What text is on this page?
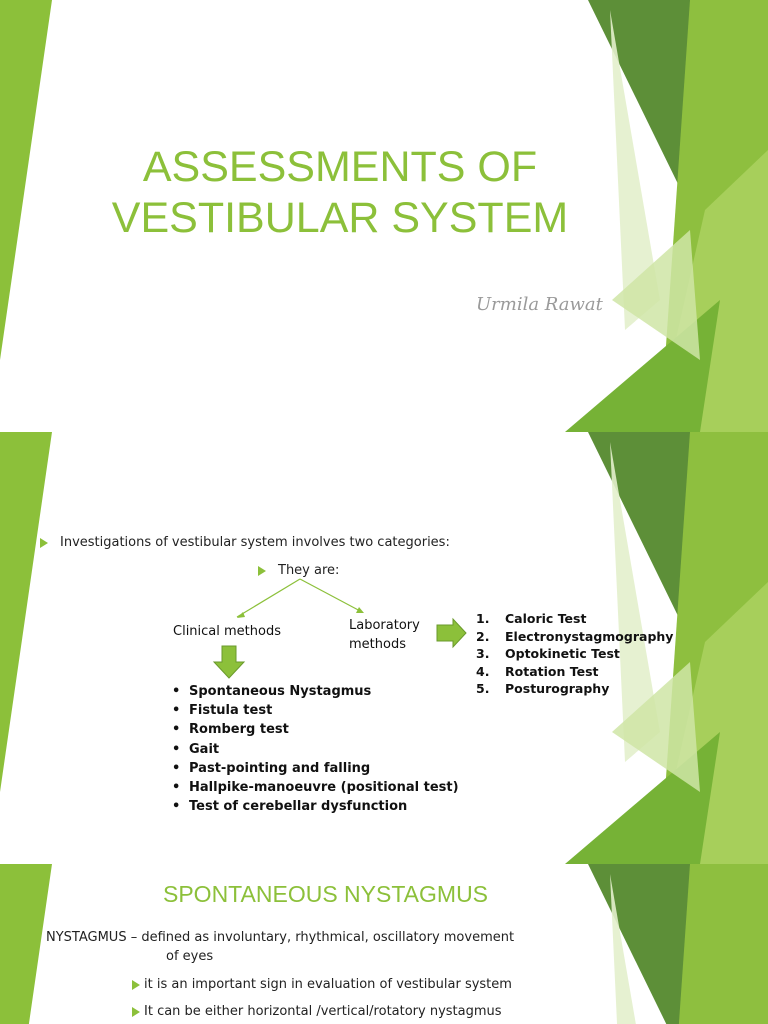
ASSESSMENTS OF
VESTIBULAR SYSTEM

Urmila Rawat

Investigations of vestibular system involves two categories:

They are:

Clinical methods	Laboratory
methods

1. Caloric Test
2. Electronystagmography
3. Optokinetic Test
4. Rotation Test
5. Posturography
• Spontaneous Nystagmus
• Fistula test
• Romberg test
• Gait
• Past-pointing and falling
• Hallpike-manoeuvre (positional test)
• Test of cerebellar dysfunction
SPONTANEOUS NYSTAGMUS

NYSTAGMUS – defined as involuntary, rhythmical, oscillatory movement
of eyes

it is an important sign in evaluation of vestibular system

It can be either horizontal /vertical/rotatory nystagmus
